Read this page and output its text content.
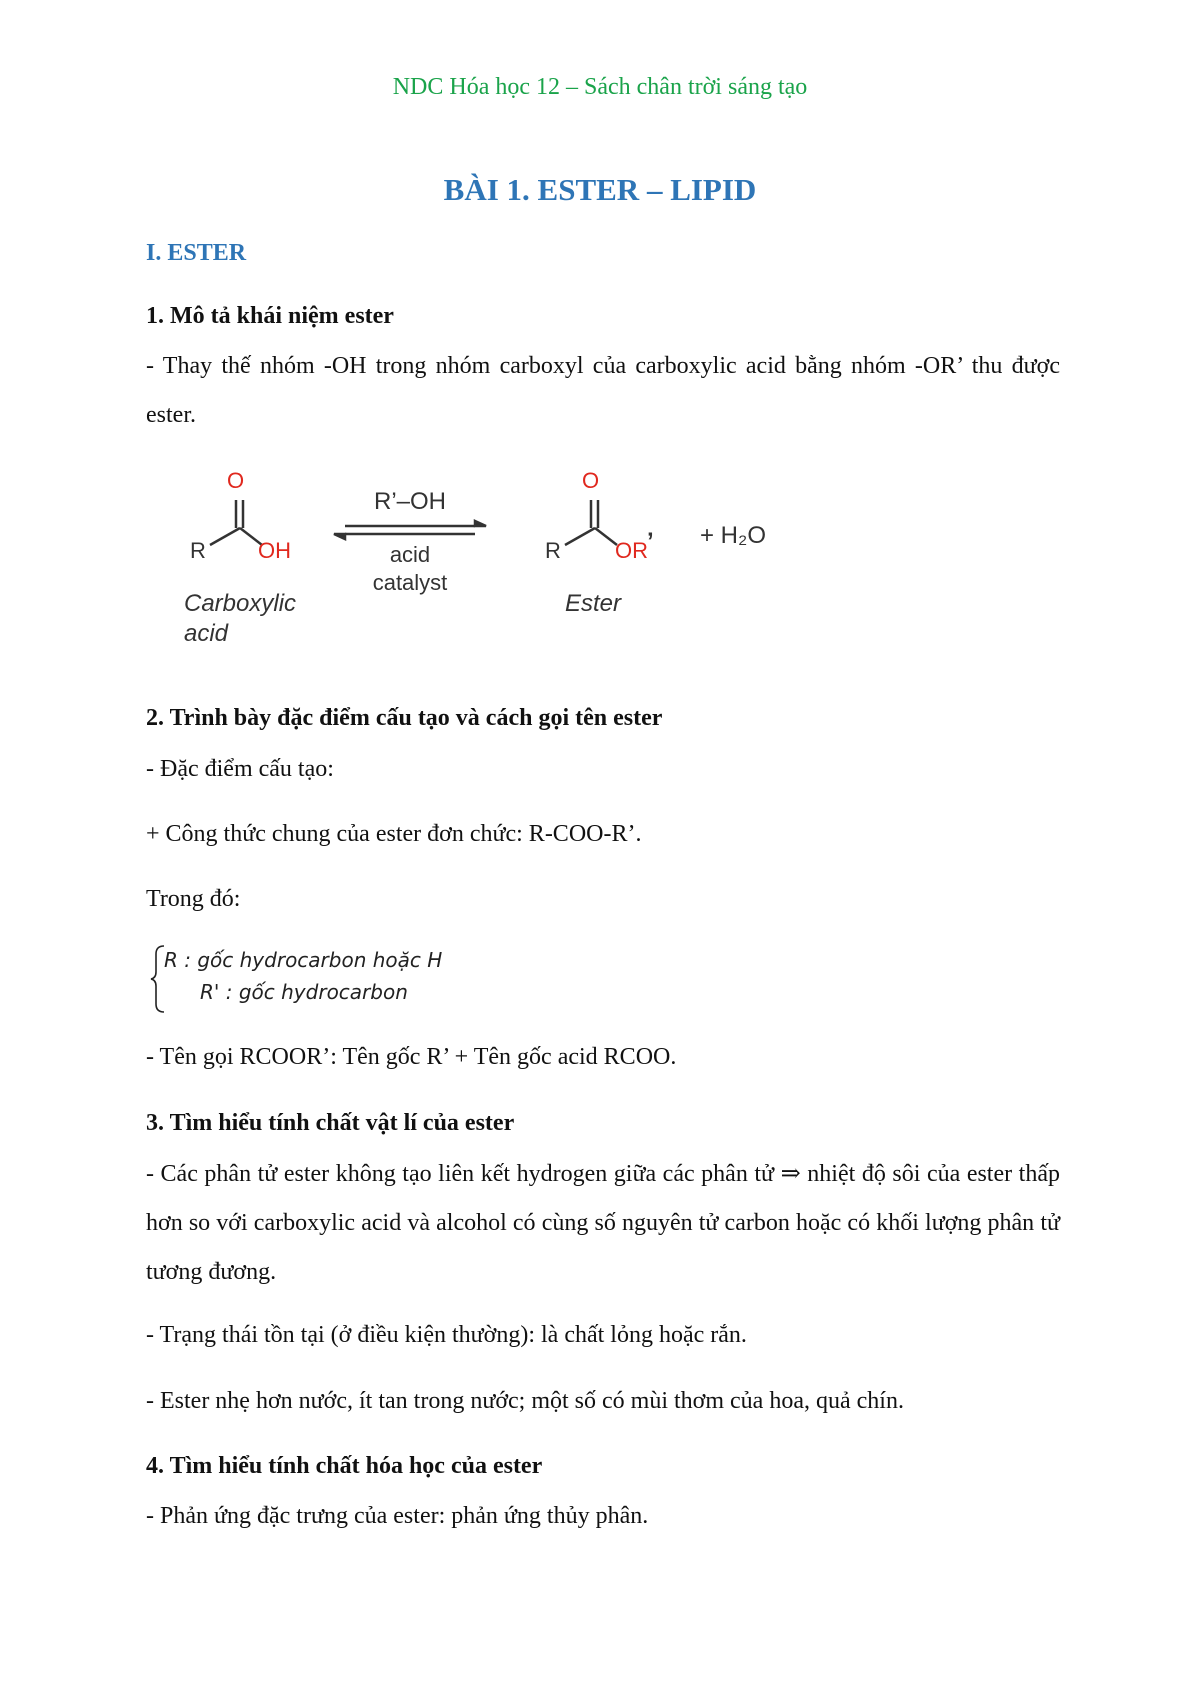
NDC Hóa học 12 – Sách chân trời sáng tạo
BÀI 1. ESTER – LIPID
I. ESTER
1. Mô tả khái niệm ester
- Thay thế nhóm -OH trong nhóm carboxyl của carboxylic acid bằng nhóm -OR’ thu được ester.
O
R OH
O
R OR ’
R’–OH
acid
catalyst
+ H₂O
Carboxylic
acid
Ester
2. Trình bày đặc điểm cấu tạo và cách gọi tên ester
- Đặc điểm cấu tạo:
+ Công thức chung của ester đơn chức: R-COO-R’.
Trong đó:
R : gốc hydrocarbon hoặc H
R' : gốc hydrocarbon
- Tên gọi RCOOR’: Tên gốc R’ + Tên gốc acid RCOO.
3. Tìm hiểu tính chất vật lí của ester
- Các phân tử ester không tạo liên kết hydrogen giữa các phân tử ⇒ nhiệt độ sôi của ester thấp hơn so với carboxylic acid và alcohol có cùng số nguyên tử carbon hoặc có khối lượng phân tử tương đương.
- Trạng thái tồn tại (ở điều kiện thường): là chất lỏng hoặc rắn.
- Ester nhẹ hơn nước, ít tan trong nước; một số có mùi thơm của hoa, quả chín.
4. Tìm hiểu tính chất hóa học của ester
- Phản ứng đặc trưng của ester: phản ứng thủy phân.
